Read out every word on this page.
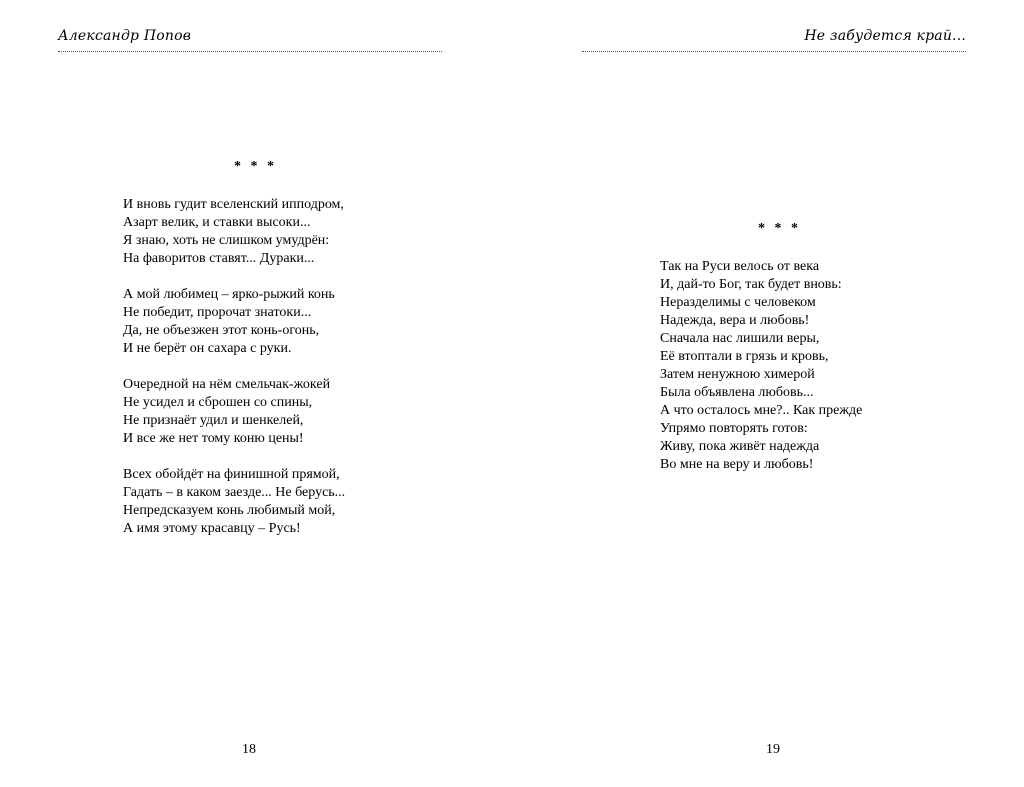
Александр Попов
* * *
И вновь гудит вселенский ипподром,
Азарт велик, и ставки высоки...
Я знаю, хоть не слишком умудрён:
На фаворитов ставят... Дураки...
А мой любимец – ярко-рыжий конь
Не победит, пророчат знатоки...
Да, не объезжен этот конь-огонь,
И не берёт он сахара с руки.
Очередной на нём смельчак-жокей
Не усидел и сброшен со спины,
Не признаёт удил и шенкелей,
И все же нет тому коню цены!
Всех обойдёт на финишной прямой,
Гадать – в каком заезде... Не берусь...
Непредсказуем конь любимый мой,
А имя этому красавцу – Русь!
18
Не забудется край...
* * *
Так на Руси велось от века
И, дай-то Бог, так будет вновь:
Неразделимы с человеком
Надежда, вера и любовь!
Сначала нас лишили веры,
Её втоптали в грязь и кровь,
Затем ненужною химерой
Была объявлена любовь...
А что осталось мне?.. Как прежде
Упрямо повторять готов:
Живу, пока живёт надежда
Во мне на веру и любовь!
19
